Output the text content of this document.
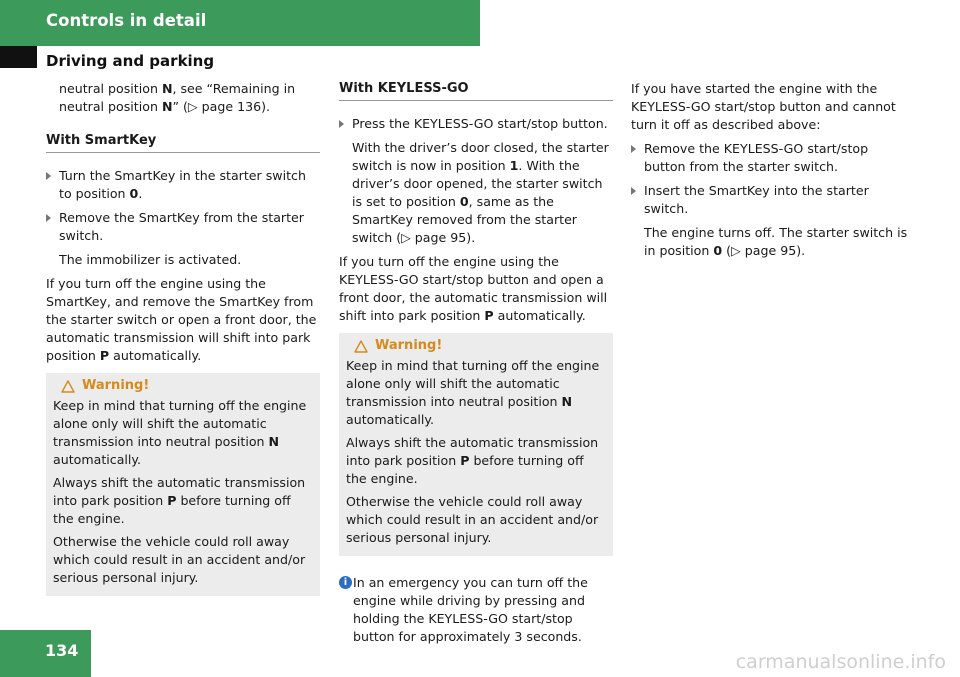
Controls in detail
Driving and parking

neutral position N, see “Remaining in neutral position N” (▷ page 136).

With SmartKey
Turn the SmartKey in the starter switch to position 0.
Remove the SmartKey from the starter switch.

The immobilizer is activated.

If you turn off the engine using the SmartKey, and remove the SmartKey from the starter switch or open a front door, the automatic transmission will shift into park position P automatically.

Warning!

Keep in mind that turning off the engine alone only will shift the automatic transmission into neutral position N automatically.

Always shift the automatic transmission into park position P before turning off the engine.

Otherwise the vehicle could roll away which could result in an accident and/or serious personal injury.

With KEYLESS-GO
Press the KEYLESS-GO start/stop button.

With the driver’s door closed, the starter switch is now in position 1. With the driver’s door opened, the starter switch is set to position 0, same as the SmartKey removed from the starter switch (▷ page 95).

If you turn off the engine using the KEYLESS-GO start/stop button and open a front door, the automatic transmission will shift into park position P automatically.

Warning!

Keep in mind that turning off the engine alone only will shift the automatic transmission into neutral position N automatically.

Always shift the automatic transmission into park position P before turning off the engine.

Otherwise the vehicle could roll away which could result in an accident and/or serious personal injury.

i In an emergency you can turn off the engine while driving by pressing and holding the KEYLESS-GO start/stop button for approximately 3 seconds.

If you have started the engine with the KEYLESS-GO start/stop button and cannot turn it off as described above:

Remove the KEYLESS-GO start/stop button from the starter switch.
Insert the SmartKey into the starter switch.

The engine turns off. The starter switch is in position 0 (▷ page 95).

134
carmanualsonline.info
